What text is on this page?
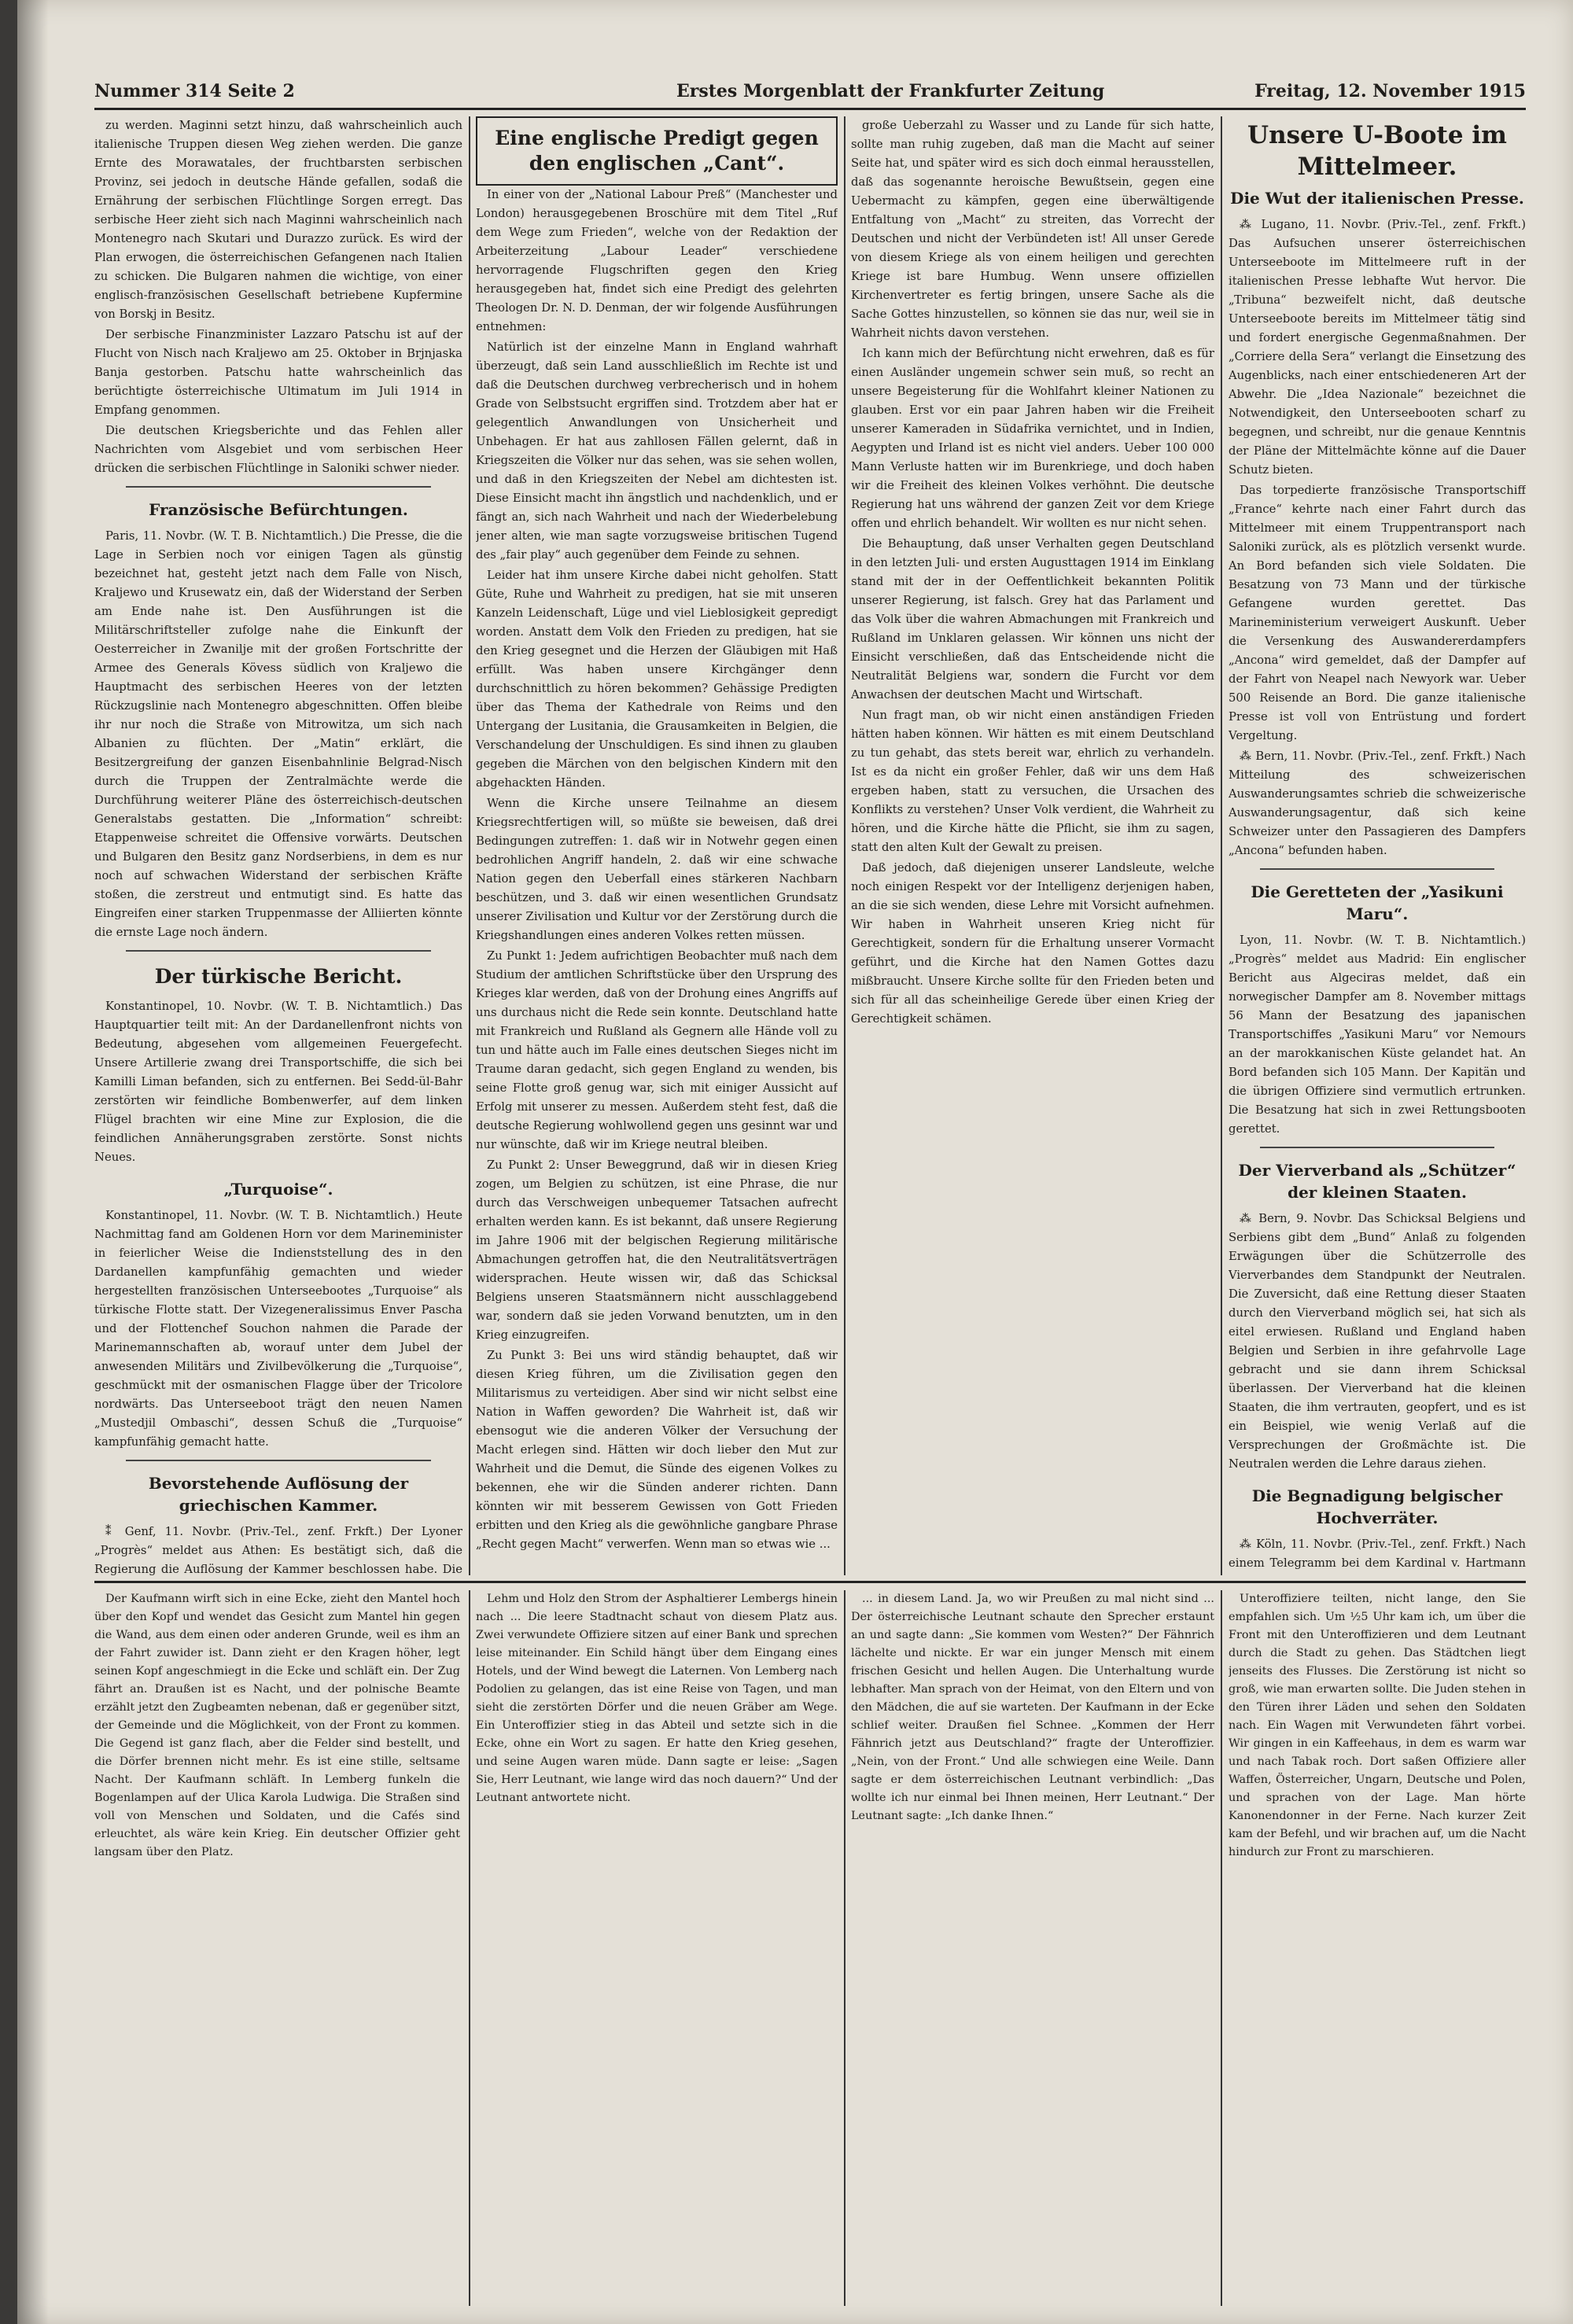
Nummer 314 Seite 2	Erstes Morgenblatt der Frankfurter Zeitung	Freitag, 12. November 1915

zu werden. Maginni setzt hinzu, daß wahrscheinlich auch italienische Truppen diesen Weg ziehen werden. Die ganze Ernte des Morawatales, der fruchtbarsten serbischen Provinz, sei jedoch in deutsche Hände gefallen, sodaß die Ernährung der serbischen Flüchtlinge Sorgen erregt. Das serbische Heer zieht sich nach Maginni wahrscheinlich nach Montenegro nach Skutari und Durazzo zurück. Es wird der Plan erwogen, die österreichischen Gefangenen nach Italien zu schicken. Die Bulgaren nahmen die wichtige, von einer englisch-französischen Gesellschaft betriebene Kupfermine von Borskj in Besitz.

Der serbische Finanzminister Lazzaro Patschu ist auf der Flucht von Nisch nach Kraljewo am 25. Oktober in Brjnjaska Banja gestorben. Patschu hatte wahrscheinlich das berüchtigte österreichische Ultimatum im Juli 1914 in Empfang genommen.

Die deutschen Kriegsberichte und das Fehlen aller Nachrichten vom Alsgebiet und vom serbischen Heer drücken die serbischen Flüchtlinge in Saloniki schwer nieder.

Französische Befürchtungen.

Paris, 11. Novbr. (W. T. B. Nichtamtlich.) Die Presse, die die Lage in Serbien noch vor einigen Tagen als günstig bezeichnet hat, gesteht jetzt nach dem Falle von Nisch, Kraljewo und Krusewatz ein, daß der Widerstand der Serben am Ende nahe ist. Den Ausführungen ist die Militärschriftsteller zufolge nahe die Einkunft der Oesterreicher in Zwanilje mit der großen Fortschritte der Armee des Generals Kövess südlich von Kraljewo die Hauptmacht des serbischen Heeres von der letzten Rückzugslinie nach Montenegro abgeschnitten. Offen bleibe ihr nur noch die Straße von Mitrowitza, um sich nach Albanien zu flüchten. Der „Matin“ erklärt, die Besitzergreifung der ganzen Eisenbahnlinie Belgrad-Nisch durch die Truppen der Zentralmächte werde die Durchführung weiterer Pläne des österreichisch-deutschen Generalstabs gestatten. Die „Information“ schreibt: Etappenweise schreitet die Offensive vorwärts. Deutschen und Bulgaren den Besitz ganz Nordserbiens, in dem es nur noch auf schwachen Widerstand der serbischen Kräfte stoßen, die zerstreut und entmutigt sind. Es hatte das Eingreifen einer starken Truppenmasse der Alliierten könnte die ernste Lage noch ändern.

Der türkische Bericht.

Konstantinopel, 10. Novbr. (W. T. B. Nichtamtlich.) Das Hauptquartier teilt mit: An der Dardanellenfront nichts von Bedeutung, abgesehen vom allgemeinen Feuergefecht. Unsere Artillerie zwang drei Transportschiffe, die sich bei Kamilli Liman befanden, sich zu entfernen. Bei Sedd-ül-Bahr zerstörten wir feindliche Bombenwerfer, auf dem linken Flügel brachten wir eine Mine zur Explosion, die die feindlichen Annäherungsgraben zerstörte. Sonst nichts Neues.

„Turquoise“.

Konstantinopel, 11. Novbr. (W. T. B. Nichtamtlich.) Heute Nachmittag fand am Goldenen Horn vor dem Marineminister in feierlicher Weise die Indienststellung des in den Dardanellen kampfunfähig gemachten und wieder hergestellten französischen Unterseebootes „Turquoise“ als türkische Flotte statt. Der Vizegeneralissimus Enver Pascha und der Flottenchef Souchon nahmen die Parade der Marinemannschaften ab, worauf unter dem Jubel der anwesenden Militärs und Zivilbevölkerung die „Turquoise“, geschmückt mit der osmanischen Flagge über der Tricolore nordwärts. Das Unterseeboot trägt den neuen Namen „Mustedjil Ombaschi“, dessen Schuß die „Turquoise“ kampfunfähig gemacht hatte.

Bevorstehende Auflösung der griechischen Kammer.

⁑ Genf, 11. Novbr. (Priv.-Tel., zenf. Frkft.) Der Lyoner „Progrès“ meldet aus Athen: Es bestätigt sich, daß die Regierung die Auflösung der Kammer beschlossen habe. Die

Eine englische Predigt gegen den englischen „Cant“.

In einer von der „National Labour Preß“ (Manchester und London) herausgegebenen Broschüre mit dem Titel „Ruf dem Wege zum Frieden“, welche von der Redaktion der Arbeiterzeitung „Labour Leader“ verschiedene hervorragende Flugschriften gegen den Krieg herausgegeben hat, findet sich eine Predigt des gelehrten Theologen Dr. N. D. Denman, der wir folgende Ausführungen entnehmen:

Natürlich ist der einzelne Mann in England wahrhaft überzeugt, daß sein Land ausschließlich im Rechte ist und daß die Deutschen durchweg verbrecherisch und in hohem Grade von Selbstsucht ergriffen sind. Trotzdem aber hat er gelegentlich Anwandlungen von Unsicherheit und Unbehagen. Er hat aus zahllosen Fällen gelernt, daß in Kriegszeiten die Völker nur das sehen, was sie sehen wollen, und daß in den Kriegszeiten der Nebel am dichtesten ist. Diese Einsicht macht ihn ängstlich und nachdenklich, und er fängt an, sich nach Wahrheit und nach der Wiederbelebung jener alten, wie man sagte vorzugsweise britischen Tugend des „fair play“ auch gegenüber dem Feinde zu sehnen.

Leider hat ihm unsere Kirche dabei nicht geholfen. Statt Güte, Ruhe und Wahrheit zu predigen, hat sie mit unseren Kanzeln Leidenschaft, Lüge und viel Lieblosigkeit gepredigt worden. Anstatt dem Volk den Frieden zu predigen, hat sie den Krieg gesegnet und die Herzen der Gläubigen mit Haß erfüllt. Was haben unsere Kirchgänger denn durchschnittlich zu hören bekommen? Gehässige Predigten über das Thema der Kathedrale von Reims und den Untergang der Lusitania, die Grausamkeiten in Belgien, die Verschandelung der Unschuldigen. Es sind ihnen zu glauben gegeben die Märchen von den belgischen Kindern mit den abgehackten Händen.

Wenn die Kirche unsere Teilnahme an diesem Kriegsrechtfertigen will, so müßte sie beweisen, daß drei Bedingungen zutreffen: 1. daß wir in Notwehr gegen einen bedrohlichen Angriff handeln, 2. daß wir eine schwache Nation gegen den Ueberfall eines stärkeren Nachbarn beschützen, und 3. daß wir einen wesentlichen Grundsatz unserer Zivilisation und Kultur vor der Zerstörung durch die Kriegshandlungen eines anderen Volkes retten müssen.

Zu Punkt 1: Jedem aufrichtigen Beobachter muß nach dem Studium der amtlichen Schriftstücke über den Ursprung des Krieges klar werden, daß von der Drohung eines Angriffs auf uns durchaus nicht die Rede sein konnte. Deutschland hatte mit Frankreich und Rußland als Gegnern alle Hände voll zu tun und hätte auch im Falle eines deutschen Sieges nicht im Traume daran gedacht, sich gegen England zu wenden, bis seine Flotte groß genug war, sich mit einiger Aussicht auf Erfolg mit unserer zu messen. Außerdem steht fest, daß die deutsche Regierung wohlwollend gegen uns gesinnt war und nur wünschte, daß wir im Kriege neutral bleiben.

Zu Punkt 2: Unser Beweggrund, daß wir in diesen Krieg zogen, um Belgien zu schützen, ist eine Phrase, die nur durch das Verschweigen unbequemer Tatsachen aufrecht erhalten werden kann. Es ist bekannt, daß unsere Regierung im Jahre 1906 mit der belgischen Regierung militärische Abmachungen getroffen hat, die den Neutralitätsverträgen widersprachen. Heute wissen wir, daß das Schicksal Belgiens unseren Staatsmännern nicht ausschlaggebend war, sondern daß sie jeden Vorwand benutzten, um in den Krieg einzugreifen.

Zu Punkt 3: Bei uns wird ständig behauptet, daß wir diesen Krieg führen, um die Zivilisation gegen den Militarismus zu verteidigen. Aber sind wir nicht selbst eine Nation in Waffen geworden? Die Wahrheit ist, daß wir ebensogut wie die anderen Völker der Versuchung der Macht erlegen sind. Hätten wir doch lieber den Mut zur Wahrheit und die Demut, die Sünde des eigenen Volkes zu bekennen, ehe wir die Sünden anderer richten. Dann könnten wir mit besserem Gewissen von Gott Frieden erbitten und den Krieg als die gewöhnliche gangbare Phrase „Recht gegen Macht“ verwerfen. Wenn man so etwas wie ...

große Ueberzahl zu Wasser und zu Lande für sich hatte, sollte man ruhig zugeben, daß man die Macht auf seiner Seite hat, und später wird es sich doch einmal herausstellen, daß das sogenannte heroische Bewußtsein, gegen eine Uebermacht zu kämpfen, gegen eine überwältigende Entfaltung von „Macht“ zu streiten, das Vorrecht der Deutschen und nicht der Verbündeten ist! All unser Gerede von diesem Kriege als von einem heiligen und gerechten Kriege ist bare Humbug. Wenn unsere offiziellen Kirchenvertreter es fertig bringen, unsere Sache als die Sache Gottes hinzustellen, so können sie das nur, weil sie in Wahrheit nichts davon verstehen.

Ich kann mich der Befürchtung nicht erwehren, daß es für einen Ausländer ungemein schwer sein muß, so recht an unsere Begeisterung für die Wohlfahrt kleiner Nationen zu glauben. Erst vor ein paar Jahren haben wir die Freiheit unserer Kameraden in Südafrika vernichtet, und in Indien, Aegypten und Irland ist es nicht viel anders. Ueber 100 000 Mann Verluste hatten wir im Burenkriege, und doch haben wir die Freiheit des kleinen Volkes verhöhnt. Die deutsche Regierung hat uns während der ganzen Zeit vor dem Kriege offen und ehrlich behandelt. Wir wollten es nur nicht sehen.

Die Behauptung, daß unser Verhalten gegen Deutschland in den letzten Juli- und ersten Augusttagen 1914 im Einklang stand mit der in der Oeffentlichkeit bekannten Politik unserer Regierung, ist falsch. Grey hat das Parlament und das Volk über die wahren Abmachungen mit Frankreich und Rußland im Unklaren gelassen. Wir können uns nicht der Einsicht verschließen, daß das Entscheidende nicht die Neutralität Belgiens war, sondern die Furcht vor dem Anwachsen der deutschen Macht und Wirtschaft.

Nun fragt man, ob wir nicht einen anständigen Frieden hätten haben können. Wir hätten es mit einem Deutschland zu tun gehabt, das stets bereit war, ehrlich zu verhandeln. Ist es da nicht ein großer Fehler, daß wir uns dem Haß ergeben haben, statt zu versuchen, die Ursachen des Konflikts zu verstehen? Unser Volk verdient, die Wahrheit zu hören, und die Kirche hätte die Pflicht, sie ihm zu sagen, statt den alten Kult der Gewalt zu preisen.

Daß jedoch, daß diejenigen unserer Landsleute, welche noch einigen Respekt vor der Intelligenz derjenigen haben, an die sie sich wenden, diese Lehre mit Vorsicht aufnehmen. Wir haben in Wahrheit unseren Krieg nicht für Gerechtigkeit, sondern für die Erhaltung unserer Vormacht geführt, und die Kirche hat den Namen Gottes dazu mißbraucht. Unsere Kirche sollte für den Frieden beten und sich für all das scheinheilige Gerede über einen Krieg der Gerechtigkeit schämen.

Unsere U-Boote im Mittelmeer.
Die Wut der italienischen Presse.

⁂ Lugano, 11. Novbr. (Priv.-Tel., zenf. Frkft.) Das Aufsuchen unserer österreichischen Unterseeboote im Mittelmeere ruft in der italienischen Presse lebhafte Wut hervor. Die „Tribuna“ bezweifelt nicht, daß deutsche Unterseeboote bereits im Mittelmeer tätig sind und fordert energische Gegenmaßnahmen. Der „Corriere della Sera“ verlangt die Einsetzung des Augenblicks, nach einer entschiedeneren Art der Abwehr. Die „Idea Nazionale“ bezeichnet die Notwendigkeit, den Unterseebooten scharf zu begegnen, und schreibt, nur die genaue Kenntnis der Pläne der Mittelmächte könne auf die Dauer Schutz bieten.

Das torpedierte französische Transportschiff „France“ kehrte nach einer Fahrt durch das Mittelmeer mit einem Truppentransport nach Saloniki zurück, als es plötzlich versenkt wurde. An Bord befanden sich viele Soldaten. Die Besatzung von 73 Mann und der türkische Gefangene wurden gerettet. Das Marineministerium verweigert Auskunft. Ueber die Versenkung des Auswandererdampfers „Ancona“ wird gemeldet, daß der Dampfer auf der Fahrt von Neapel nach Newyork war. Ueber 500 Reisende an Bord. Die ganze italienische Presse ist voll von Entrüstung und fordert Vergeltung.

⁂ Bern, 11. Novbr. (Priv.-Tel., zenf. Frkft.) Nach Mitteilung des schweizerischen Auswanderungsamtes schrieb die schweizerische Auswanderungsagentur, daß sich keine Schweizer unter den Passagieren des Dampfers „Ancona“ befunden haben.

Die Geretteten der „Yasikuni Maru“.

Lyon, 11. Novbr. (W. T. B. Nichtamtlich.) „Progrès“ meldet aus Madrid: Ein englischer Bericht aus Algeciras meldet, daß ein norwegischer Dampfer am 8. November mittags 56 Mann der Besatzung des japanischen Transportschiffes „Yasikuni Maru“ vor Nemours an der marokkanischen Küste gelandet hat. An Bord befanden sich 105 Mann. Der Kapitän und die übrigen Offiziere sind vermutlich ertrunken. Die Besatzung hat sich in zwei Rettungsbooten gerettet.

Der Vierverband als „Schützer“ der kleinen Staaten.

⁂ Bern, 9. Novbr. Das Schicksal Belgiens und Serbiens gibt dem „Bund“ Anlaß zu folgenden Erwägungen über die Schützerrolle des Vierverbandes dem Standpunkt der Neutralen. Die Zuversicht, daß eine Rettung dieser Staaten durch den Vierverband möglich sei, hat sich als eitel erwiesen. Rußland und England haben Belgien und Serbien in ihre gefahrvolle Lage gebracht und sie dann ihrem Schicksal überlassen. Der Vierverband hat die kleinen Staaten, die ihm vertrauten, geopfert, und es ist ein Beispiel, wie wenig Verlaß auf die Versprechungen der Großmächte ist. Die Neutralen werden die Lehre daraus ziehen.

Die Begnadigung belgischer Hochverräter.

⁂ Köln, 11. Novbr. (Priv.-Tel., zenf. Frkft.) Nach einem Telegramm bei dem Kardinal v. Hartmann

Der Kaufmann wirft sich in eine Ecke, zieht den Mantel hoch über den Kopf und wendet das Gesicht zum Mantel hin gegen die Wand, aus dem einen oder anderen Grunde, weil es ihm an der Fahrt zuwider ist. Dann zieht er den Kragen höher, legt seinen Kopf angeschmiegt in die Ecke und schläft ein. Der Zug fährt an. Draußen ist es Nacht, und der polnische Beamte erzählt jetzt den Zugbeamten nebenan, daß er gegenüber sitzt, der Gemeinde und die Möglichkeit, von der Front zu kommen. Die Gegend ist ganz flach, aber die Felder sind bestellt, und die Dörfer brennen nicht mehr. Es ist eine stille, seltsame Nacht. Der Kaufmann schläft. In Lemberg funkeln die Bogenlampen auf der Ulica Karola Ludwiga. Die Straßen sind voll von Menschen und Soldaten, und die Cafés sind erleuchtet, als wäre kein Krieg. Ein deutscher Offizier geht langsam über den Platz.

Lehm und Holz den Strom der Asphaltierer Lembergs hinein nach ... Die leere Stadtnacht schaut von diesem Platz aus. Zwei verwundete Offiziere sitzen auf einer Bank und sprechen leise miteinander. Ein Schild hängt über dem Eingang eines Hotels, und der Wind bewegt die Laternen. Von Lemberg nach Podolien zu gelangen, das ist eine Reise von Tagen, und man sieht die zerstörten Dörfer und die neuen Gräber am Wege. Ein Unteroffizier stieg in das Abteil und setzte sich in die Ecke, ohne ein Wort zu sagen. Er hatte den Krieg gesehen, und seine Augen waren müde. Dann sagte er leise: „Sagen Sie, Herr Leutnant, wie lange wird das noch dauern?“ Und der Leutnant antwortete nicht.

... in diesem Land. Ja, wo wir Preußen zu mal nicht sind ... Der österreichische Leutnant schaute den Sprecher erstaunt an und sagte dann: „Sie kommen vom Westen?“ Der Fähnrich lächelte und nickte. Er war ein junger Mensch mit einem frischen Gesicht und hellen Augen. Die Unterhaltung wurde lebhafter. Man sprach von der Heimat, von den Eltern und von den Mädchen, die auf sie warteten. Der Kaufmann in der Ecke schlief weiter. Draußen fiel Schnee. „Kommen der Herr Fähnrich jetzt aus Deutschland?“ fragte der Unteroffizier. „Nein, von der Front.“ Und alle schwiegen eine Weile. Dann sagte er dem österreichischen Leutnant verbindlich: „Das wollte ich nur einmal bei Ihnen meinen, Herr Leutnant.“ Der Leutnant sagte: „Ich danke Ihnen.“

Unteroffiziere teilten, nicht lange, den Sie empfahlen sich. Um ½5 Uhr kam ich, um über die Front mit den Unteroffizieren und dem Leutnant durch die Stadt zu gehen. Das Städtchen liegt jenseits des Flusses. Die Zerstörung ist nicht so groß, wie man erwarten sollte. Die Juden stehen in den Türen ihrer Läden und sehen den Soldaten nach. Ein Wagen mit Verwundeten fährt vorbei. Wir gingen in ein Kaffeehaus, in dem es warm war und nach Tabak roch. Dort saßen Offiziere aller Waffen, Österreicher, Ungarn, Deutsche und Polen, und sprachen von der Lage. Man hörte Kanonendonner in der Ferne. Nach kurzer Zeit kam der Befehl, und wir brachen auf, um die Nacht hindurch zur Front zu marschieren.
